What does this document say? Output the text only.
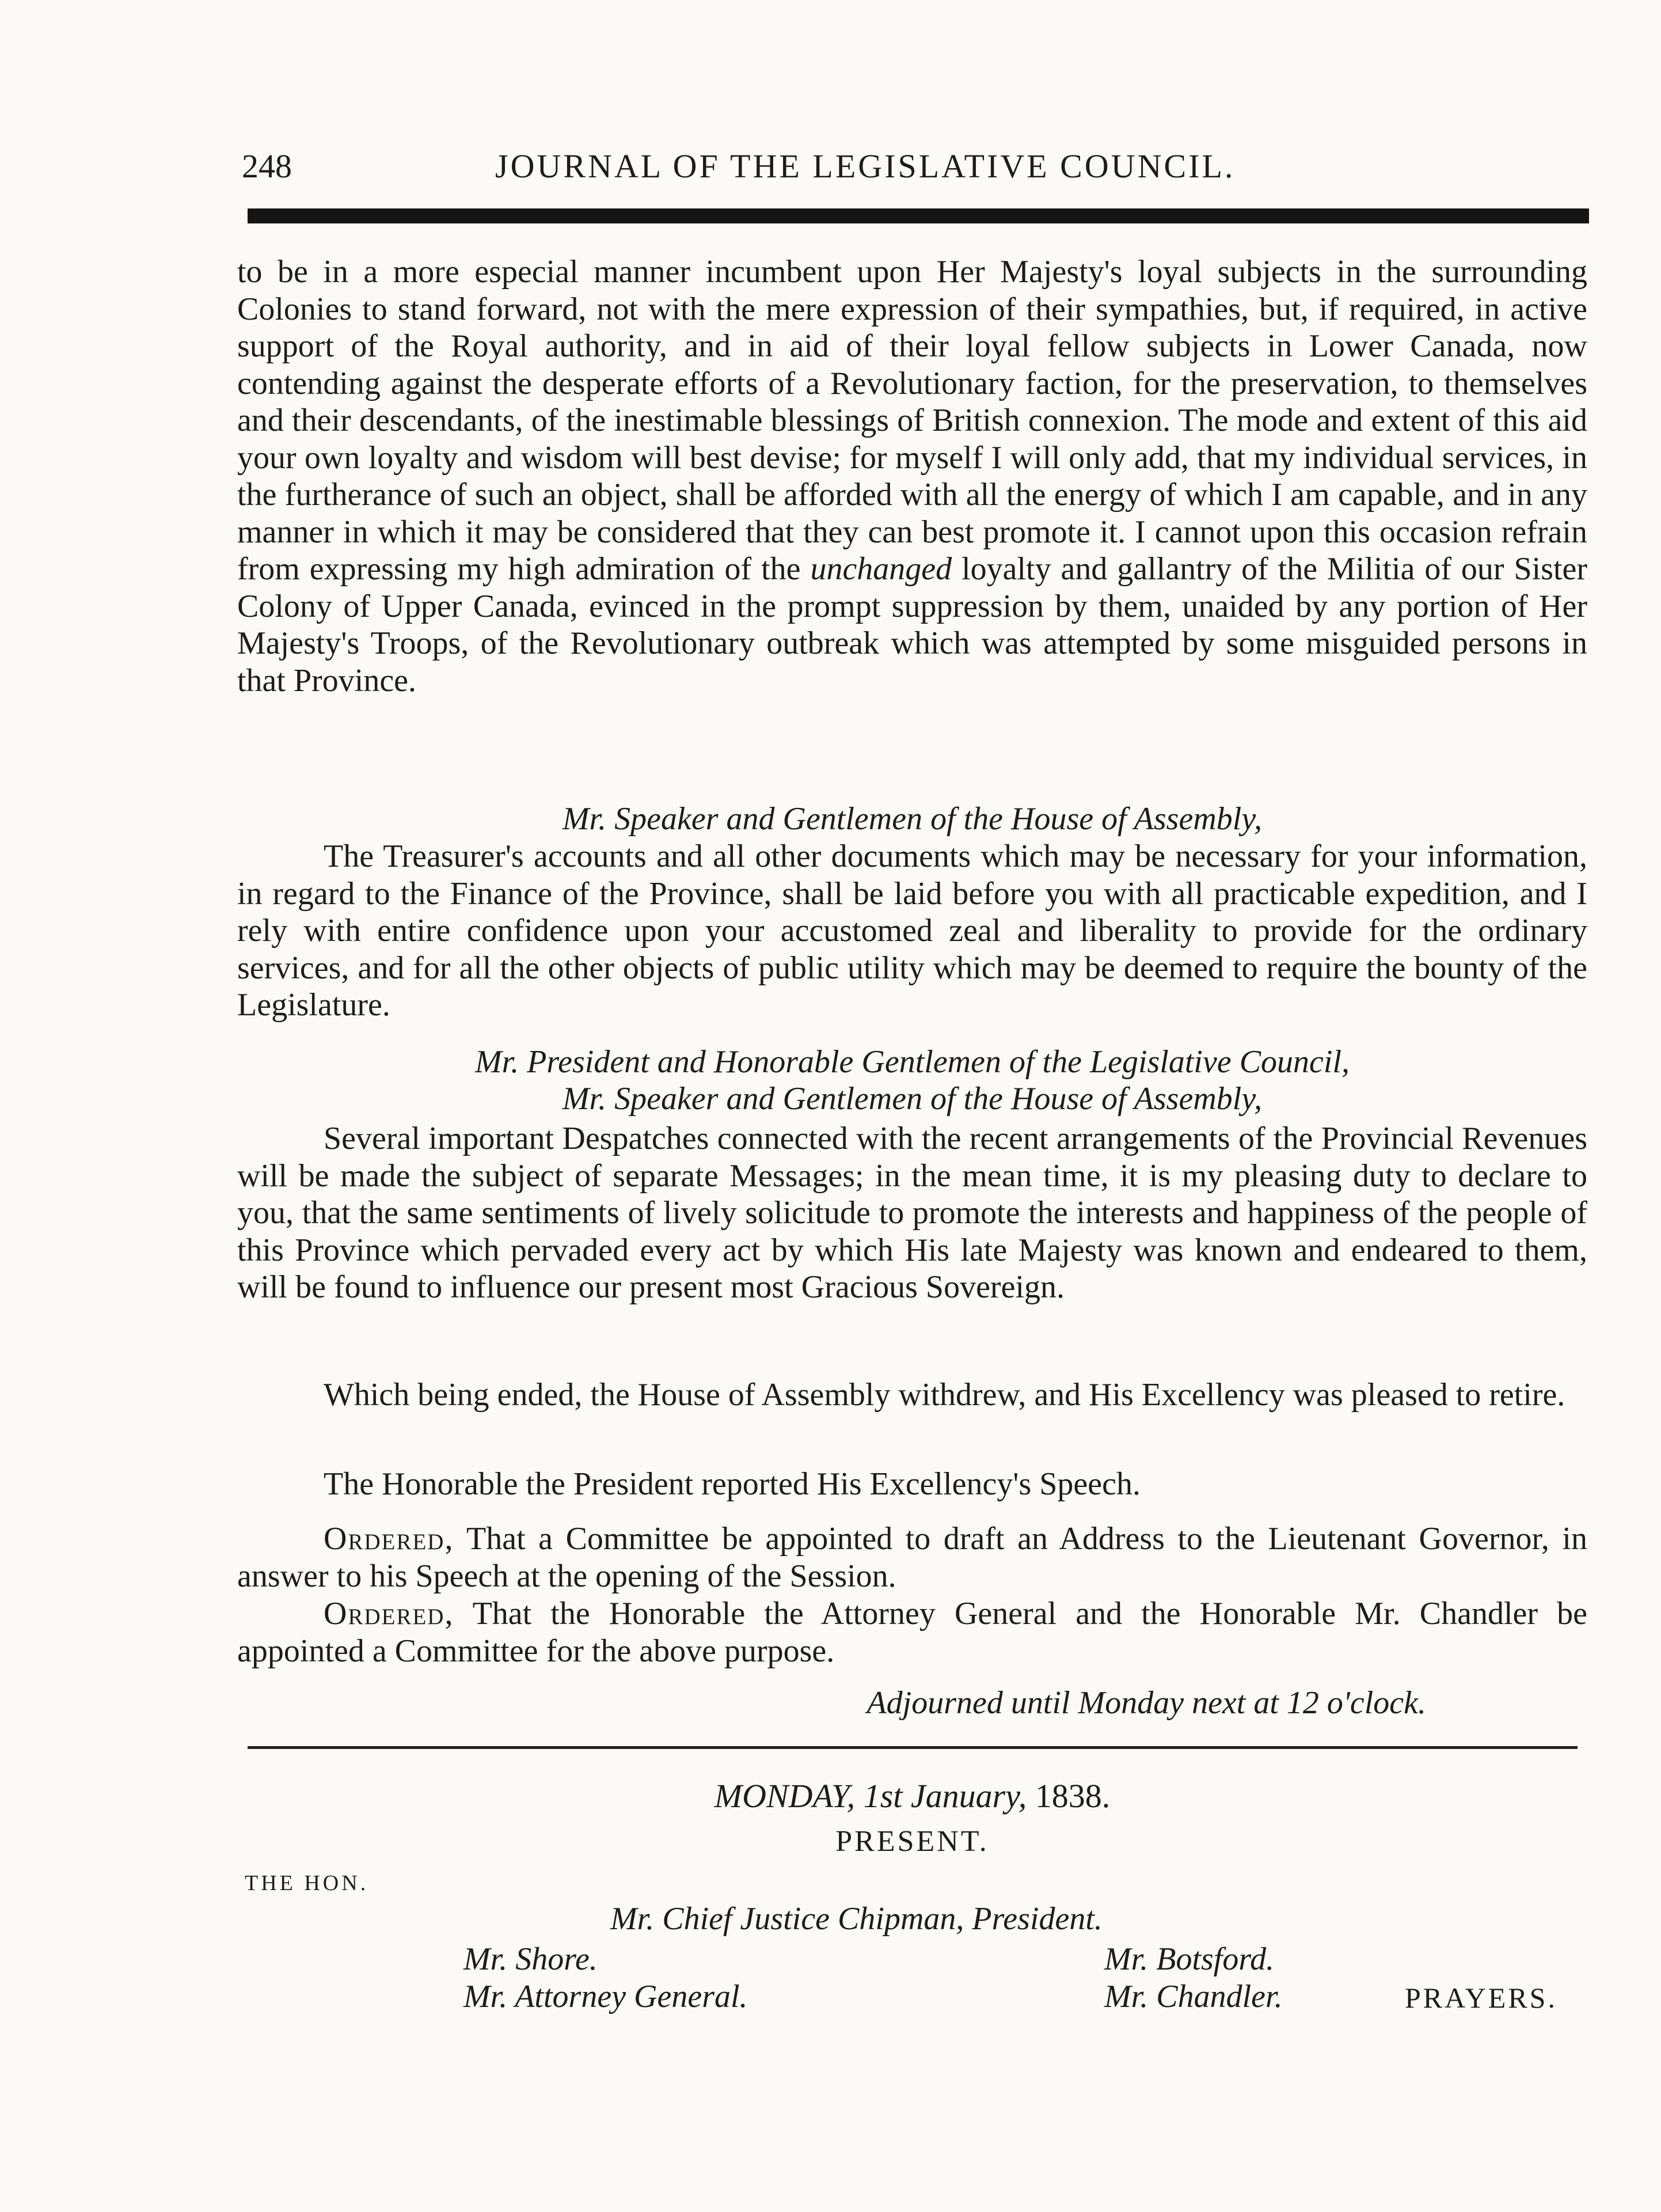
248	JOURNAL OF THE LEGISLATIVE COUNCIL.

to be in a more especial manner incumbent upon Her Majesty's loyal subjects in the surrounding Colonies to stand forward, not with the mere expression of their sympathies, but, if required, in active support of the Royal authority, and in aid of their loyal fellow subjects in Lower Canada, now contending against the desperate efforts of a Revolutionary faction, for the preservation, to themselves and their descendants, of the inestimable blessings of British connexion. The mode and extent of this aid your own loyalty and wisdom will best devise; for myself I will only add, that my individual services, in the furtherance of such an object, shall be afforded with all the energy of which I am capable, and in any manner in which it may be considered that they can best promote it. I cannot upon this occasion refrain from expressing my high admiration of the unchanged loyalty and gallantry of the Militia of our Sister Colony of Upper Canada, evinced in the prompt suppression by them, unaided by any portion of Her Majesty's Troops, of the Revolutionary outbreak which was attempted by some misguided persons in that Province.

Mr. Speaker and Gentlemen of the House of Assembly,

The Treasurer's accounts and all other documents which may be necessary for your information, in regard to the Finance of the Province, shall be laid before you with all practicable expedition, and I rely with entire confidence upon your accustomed zeal and liberality to provide for the ordinary services, and for all the other objects of public utility which may be deemed to require the bounty of the Legislature.

Mr. President and Honorable Gentlemen of the Legislative Council,
Mr. Speaker and Gentlemen of the House of Assembly,

Several important Despatches connected with the recent arrangements of the Provincial Revenues will be made the subject of separate Messages; in the mean time, it is my pleasing duty to declare to you, that the same sentiments of lively solicitude to promote the interests and happiness of the people of this Province which pervaded every act by which His late Majesty was known and endeared to them, will be found to influence our present most Gracious Sovereign.

Which being ended, the House of Assembly withdrew, and His Excellency was pleased to retire.

The Honorable the President reported His Excellency's Speech.

Ordered, That a Committee be appointed to draft an Address to the Lieutenant Governor, in answer to his Speech at the opening of the Session.

Ordered, That the Honorable the Attorney General and the Honorable Mr. Chandler be appointed a Committee for the above purpose.

Adjourned until Monday next at 12 o'clock.
MONDAY, 1st January, 1838.
PRESENT.
THE HON.
Mr. Chief Justice Chipman, President.
Mr. Shore.	Mr. Botsford.
Mr. Attorney General.	Mr. Chandler.	PRAYERS.
